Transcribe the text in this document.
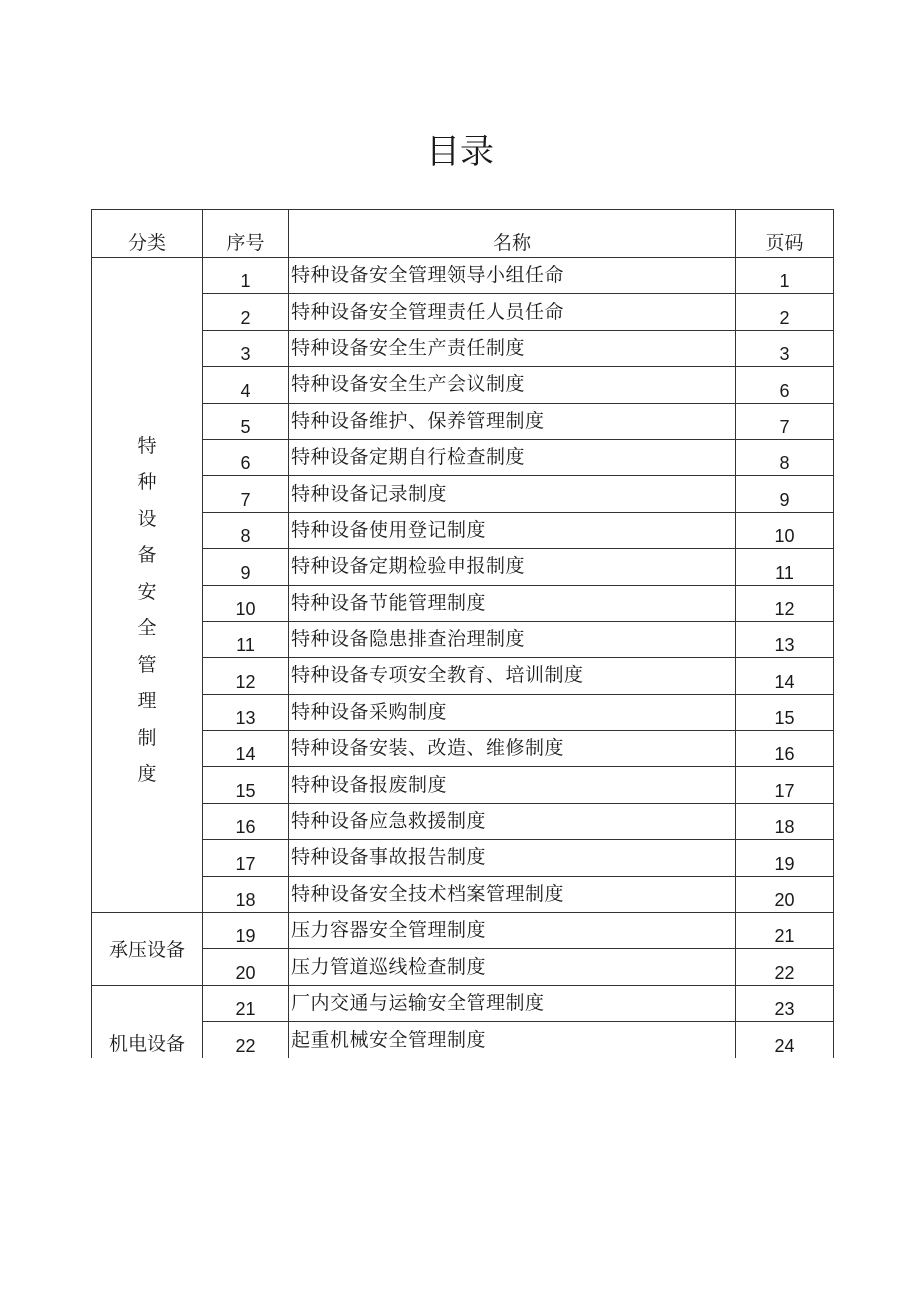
目录
分类	序号	名称	页码
特种设备安全管理制度	1	特种设备安全管理领导小组任命	1
	2	特种设备安全管理责任人员任命	2
	3	特种设备安全生产责任制度	3
	4	特种设备安全生产会议制度	6
	5	特种设备维护、保养管理制度	7
	6	特种设备定期自行检查制度	8
	7	特种设备记录制度	9
	8	特种设备使用登记制度	10
	9	特种设备定期检验申报制度	11
	10	特种设备节能管理制度	12
	11	特种设备隐患排查治理制度	13
	12	特种设备专项安全教育、培训制度	14
	13	特种设备采购制度	15
	14	特种设备安装、改造、维修制度	16
	15	特种设备报废制度	17
	16	特种设备应急救援制度	18
	17	特种设备事故报告制度	19
	18	特种设备安全技术档案管理制度	20
承压设备	19	压力容器安全管理制度	21
	20	压力管道巡线检查制度	22
机电设备	21	厂内交通与运输安全管理制度	23
	22	起重机械安全管理制度	24
